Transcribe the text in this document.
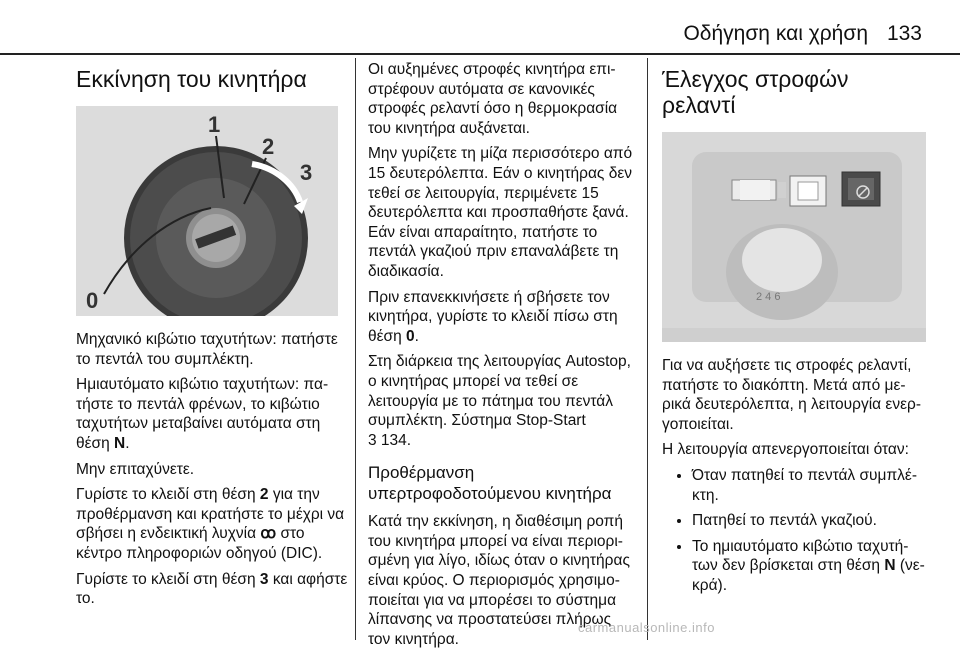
Οδήγηση και χρήση 133
Εκκίνηση του κινητήρα
0
1
2
3

Μηχανικό κιβώτιο ταχυτήτων: πατήστε το πεντάλ του συμπλέκτη.

Ημιαυτόματο κιβώτιο ταχυτήτων: πατήστε το πεντάλ φρένων, το κιβώτιο ταχυτήτων μεταβαίνει αυτόματα στη θέση N.

Μην επιταχύνετε.

Γυρίστε το κλειδί στη θέση 2 για την προθέρμανση και κρατήστε το μέχρι να σβήσει η ενδεικτική λυχνία ꝏ στο κέντρο πληροφοριών οδηγού (DIC).

Γυρίστε το κλειδί στη θέση 3 και αφήστε το.

Οι αυξημένες στροφές κινητήρα επιστρέφουν αυτόματα σε κανονικές στροφές ρελαντί όσο η θερμοκρασία του κινητήρα αυξάνεται.

Μην γυρίζετε τη μίζα περισσότερο από 15 δευτερόλεπτα. Εάν ο κινητήρας δεν τεθεί σε λειτουργία, περιμένετε 15 δευτερόλεπτα και προσπαθήστε ξανά. Εάν είναι απαραίτητο, πατήστε το πεντάλ γκαζιού πριν επαναλάβετε τη διαδικασία.

Πριν επανεκκινήσετε ή σβήσετε τον κινητήρα, γυρίστε το κλειδί πίσω στη θέση 0.

Στη διάρκεια της λειτουργίας Autostop, ο κινητήρας μπορεί να τεθεί σε λειτουργία με το πάτημα του πεντάλ συμπλέκτη. Σύστημα Stop-Start
3 134.

Προθέρμανση υπερτροφοδοτούμενου κινητήρα

Κατά την εκκίνηση, η διαθέσιμη ροπή του κινητήρα μπορεί να είναι περιορισμένη για λίγο, ιδίως όταν ο κινητήρας είναι κρύος. Ο περιορισμός χρησιμοποιείται για να μπορέσει το σύστημα λίπανσης να προστατεύσει πλήρως τον κινητήρα.

Έλεγχος στροφών ρελαντί
2 4 6

Για να αυξήσετε τις στροφές ρελαντί, πατήστε το διακόπτη. Μετά από μερικά δευτερόλεπτα, η λειτουργία ενεργοποιείται.

Η λειτουργία απενεργοποιείται όταν:

• Όταν πατηθεί το πεντάλ συμπλέκτη.
• Πατηθεί το πεντάλ γκαζιού.
• Το ημιαυτόματο κιβώτιο ταχυτήτων δεν βρίσκεται στη θέση N (νεκρά).
carmanualsonline.info
